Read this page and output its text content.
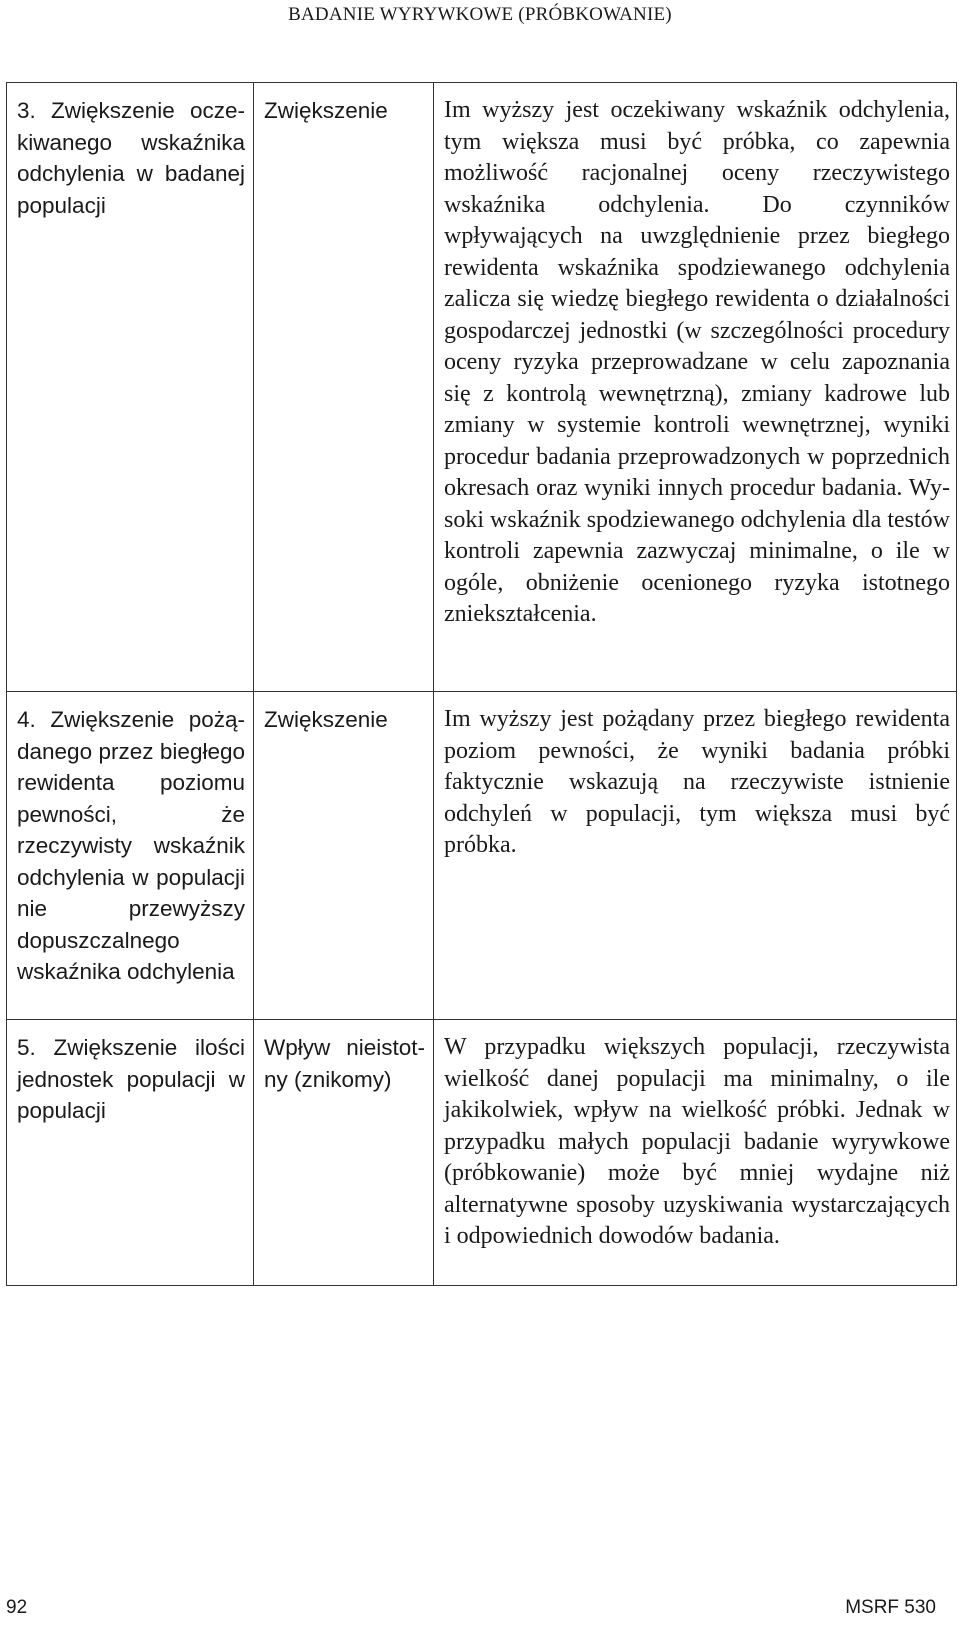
BADANIE WYRYWKOWE (PRÓBKOWANIE)
3. Zwiększenie oczekiwanego wskaźnika odchylenia w badanej populacji	Zwiększenie	Im wyższy jest oczekiwany wskaźnik odchylenia, tym większa musi być próbka, co zapewnia możliwość racjonalnej oceny rzeczywistego wskaźnika odchylenia. Do czynników wpływających na uwzględnienie przez biegłego rewidenta wskaźnika spodziewanego odchylenia zalicza się wiedzę biegłego rewidenta o działalności gospodarczej jednostki (w szczególności procedury oceny ryzyka przeprowadzane w celu zapoznania się z kontrolą wewnętrzną), zmiany kadrowe lub zmiany w systemie kontroli wewnętrznej, wyniki procedur badania przeprowadzonych w poprzednich okresach oraz wyniki innych procedur badania. Wysoki wskaźnik spodziewanego odchylenia dla testów kontroli zapewnia zazwyczaj minimalne, o ile w ogóle, obniżenie ocenionego ryzyka istotnego zniekształcenia.
4. Zwiększenie pożądanego przez biegłego rewidenta poziomu pewności, że rzeczywisty wskaźnik odchylenia w populacji nie przewyższy dopuszczalnego wskaźnika odchylenia	Zwiększenie	Im wyższy jest pożądany przez biegłego rewidenta poziom pewności, że wyniki badania próbki faktycznie wskazują na rzeczywiste istnienie odchyleń w populacji, tym większa musi być próbka.
5. Zwiększenie ilości jednostek populacji w populacji	Wpływ nieistotny (znikomy)	W przypadku większych populacji, rzeczywista wielkość danej populacji ma minimalny, o ile jakikolwiek, wpływ na wielkość próbki. Jednak w przypadku małych populacji badanie wyrywkowe (próbkowanie) może być mniej wydajne niż alternatywne sposoby uzyskiwania wystarczających i odpowiednich dowodów badania.
92	MSRF 530
